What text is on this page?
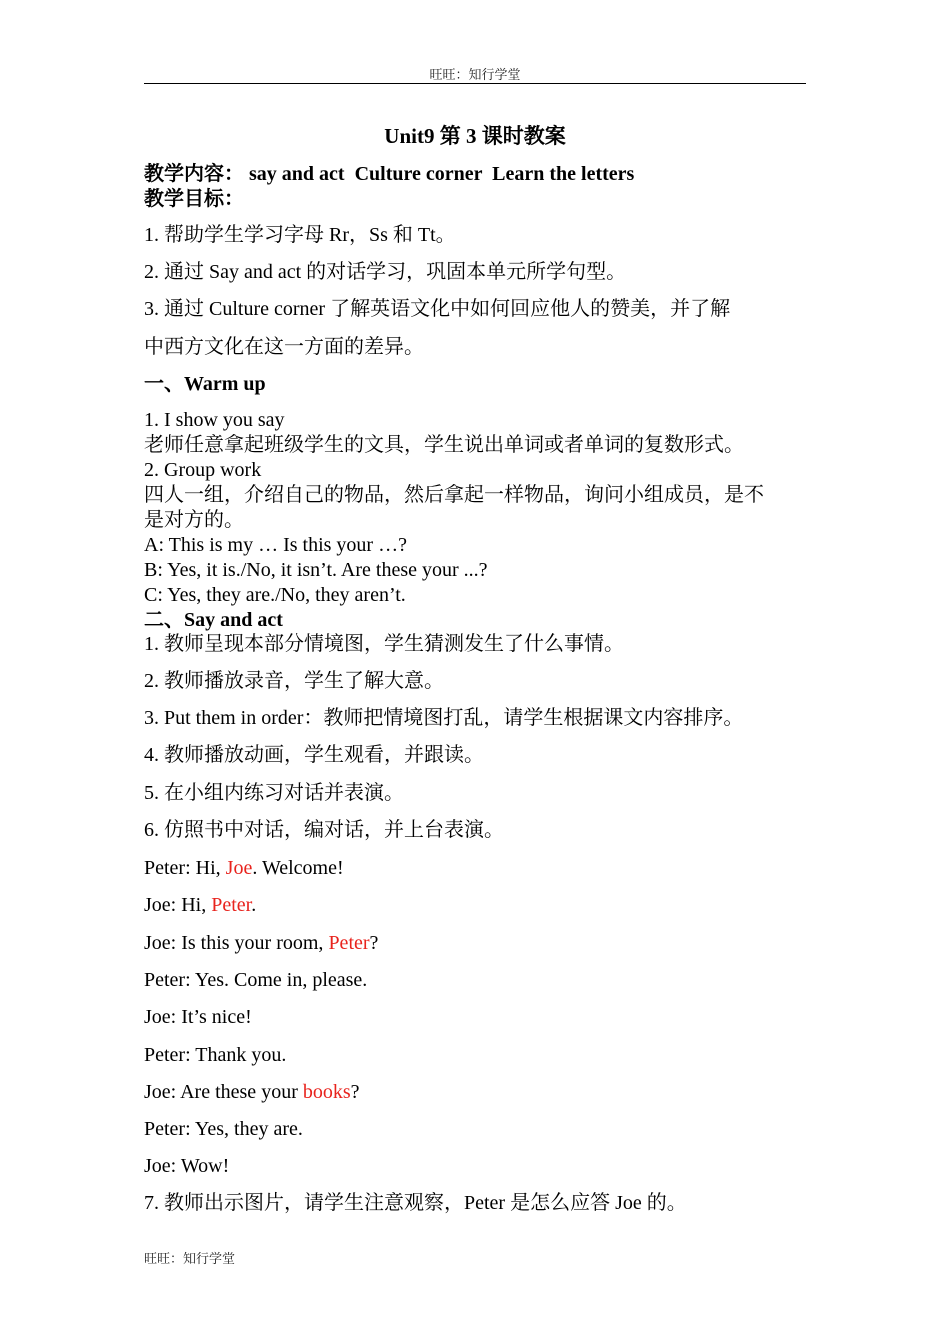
旺旺：知行学堂
Unit9 第 3 课时教案
教学内容： say and act  Culture corner  Learn the letters
教学目标：
1. 帮助学生学习字母 Rr，Ss 和 Tt。
2. 通过 Say and act 的对话学习，巩固本单元所学句型。
3. 通过 Culture corner 了解英语文化中如何回应他人的赞美，并了解
中西方文化在这一方面的差异。
一、Warm up
1. I show you say
老师任意拿起班级学生的文具，学生说出单词或者单词的复数形式。
2. Group work
四人一组，介绍自己的物品，然后拿起一样物品，询问小组成员，是不
是对方的。
A: This is my … Is this your …?
B: Yes, it is./No, it isn’t. Are these your ...?
C: Yes, they are./No, they aren’t.
二、Say and act
1. 教师呈现本部分情境图，学生猜测发生了什么事情。
2. 教师播放录音，学生了解大意。
3. Put them in order：教师把情境图打乱，请学生根据课文内容排序。
4. 教师播放动画，学生观看，并跟读。
5. 在小组内练习对话并表演。
6. 仿照书中对话，编对话，并上台表演。
Peter: Hi, Joe. Welcome!
Joe: Hi, Peter.
Joe: Is this your room, Peter?
Peter: Yes. Come in, please.
Joe: It’s nice!
Peter: Thank you.
Joe: Are these your books?
Peter: Yes, they are.
Joe: Wow!
7. 教师出示图片，请学生注意观察，Peter 是怎么应答 Joe 的。
旺旺：知行学堂
